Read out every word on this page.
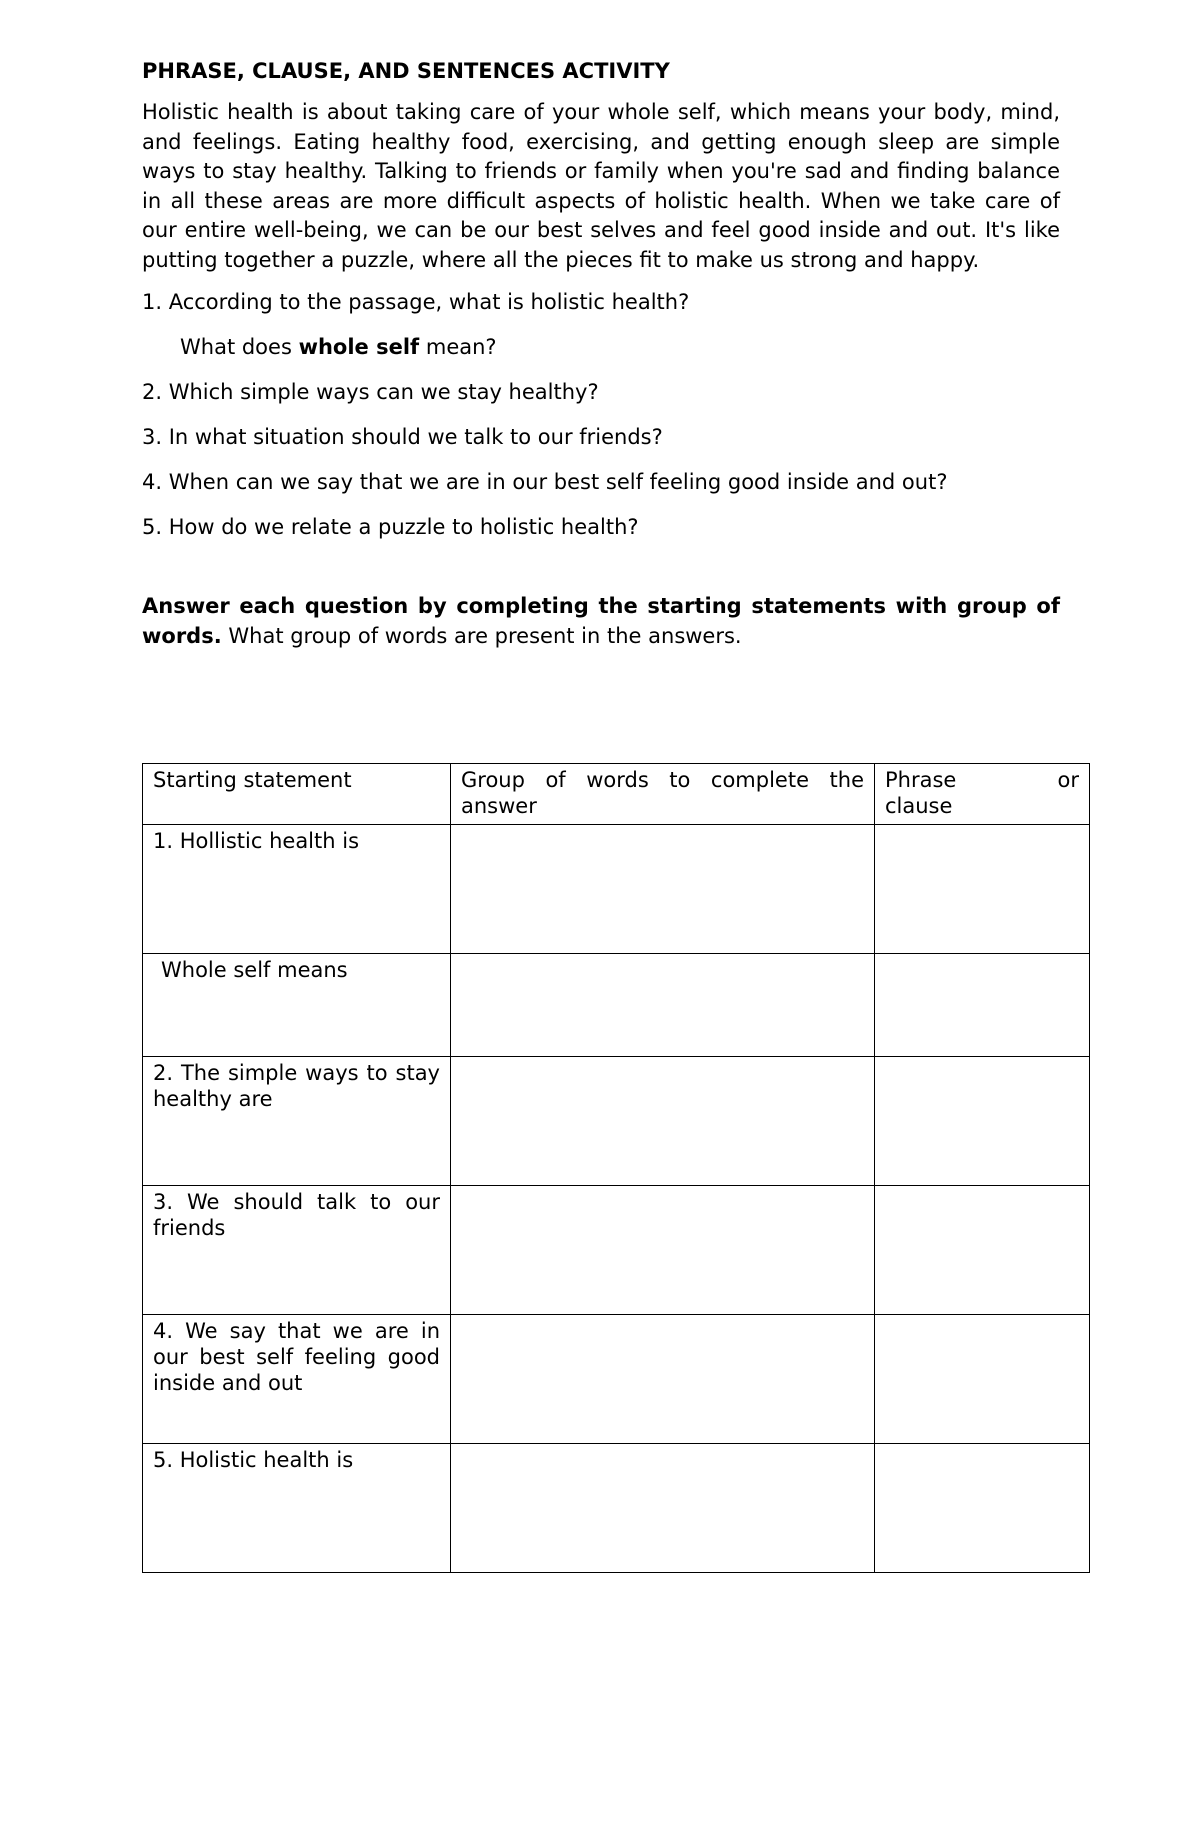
PHRASE, CLAUSE, AND SENTENCES ACTIVITY
Holistic health is about taking care of your whole self, which means your body, mind, and feelings. Eating healthy food, exercising, and getting enough sleep are simple ways to stay healthy. Talking to friends or family when you're sad and finding balance in all these areas are more difficult aspects of holistic health. When we take care of our entire well-being, we can be our best selves and feel good inside and out. It's like putting together a puzzle, where all the pieces fit to make us strong and happy.
1. According to the passage, what is holistic health?
What does whole self mean?
2. Which simple ways can we stay healthy?
3. In what situation should we talk to our friends?
4. When can we say that we are in our best self feeling good inside and out?
5. How do we relate a puzzle to holistic health?
Answer each question by completing the starting statements with group of words. What group of words are present in the answers.
Starting statement	Group of words to complete the answer	Phrase or
clause

1. Hollistic health is		
Whole self means		
2. The simple ways to stay healthy are		
3. We should talk to our friends		
4. We say that we are in our best self feeling good inside and out		
5. Holistic health is		
